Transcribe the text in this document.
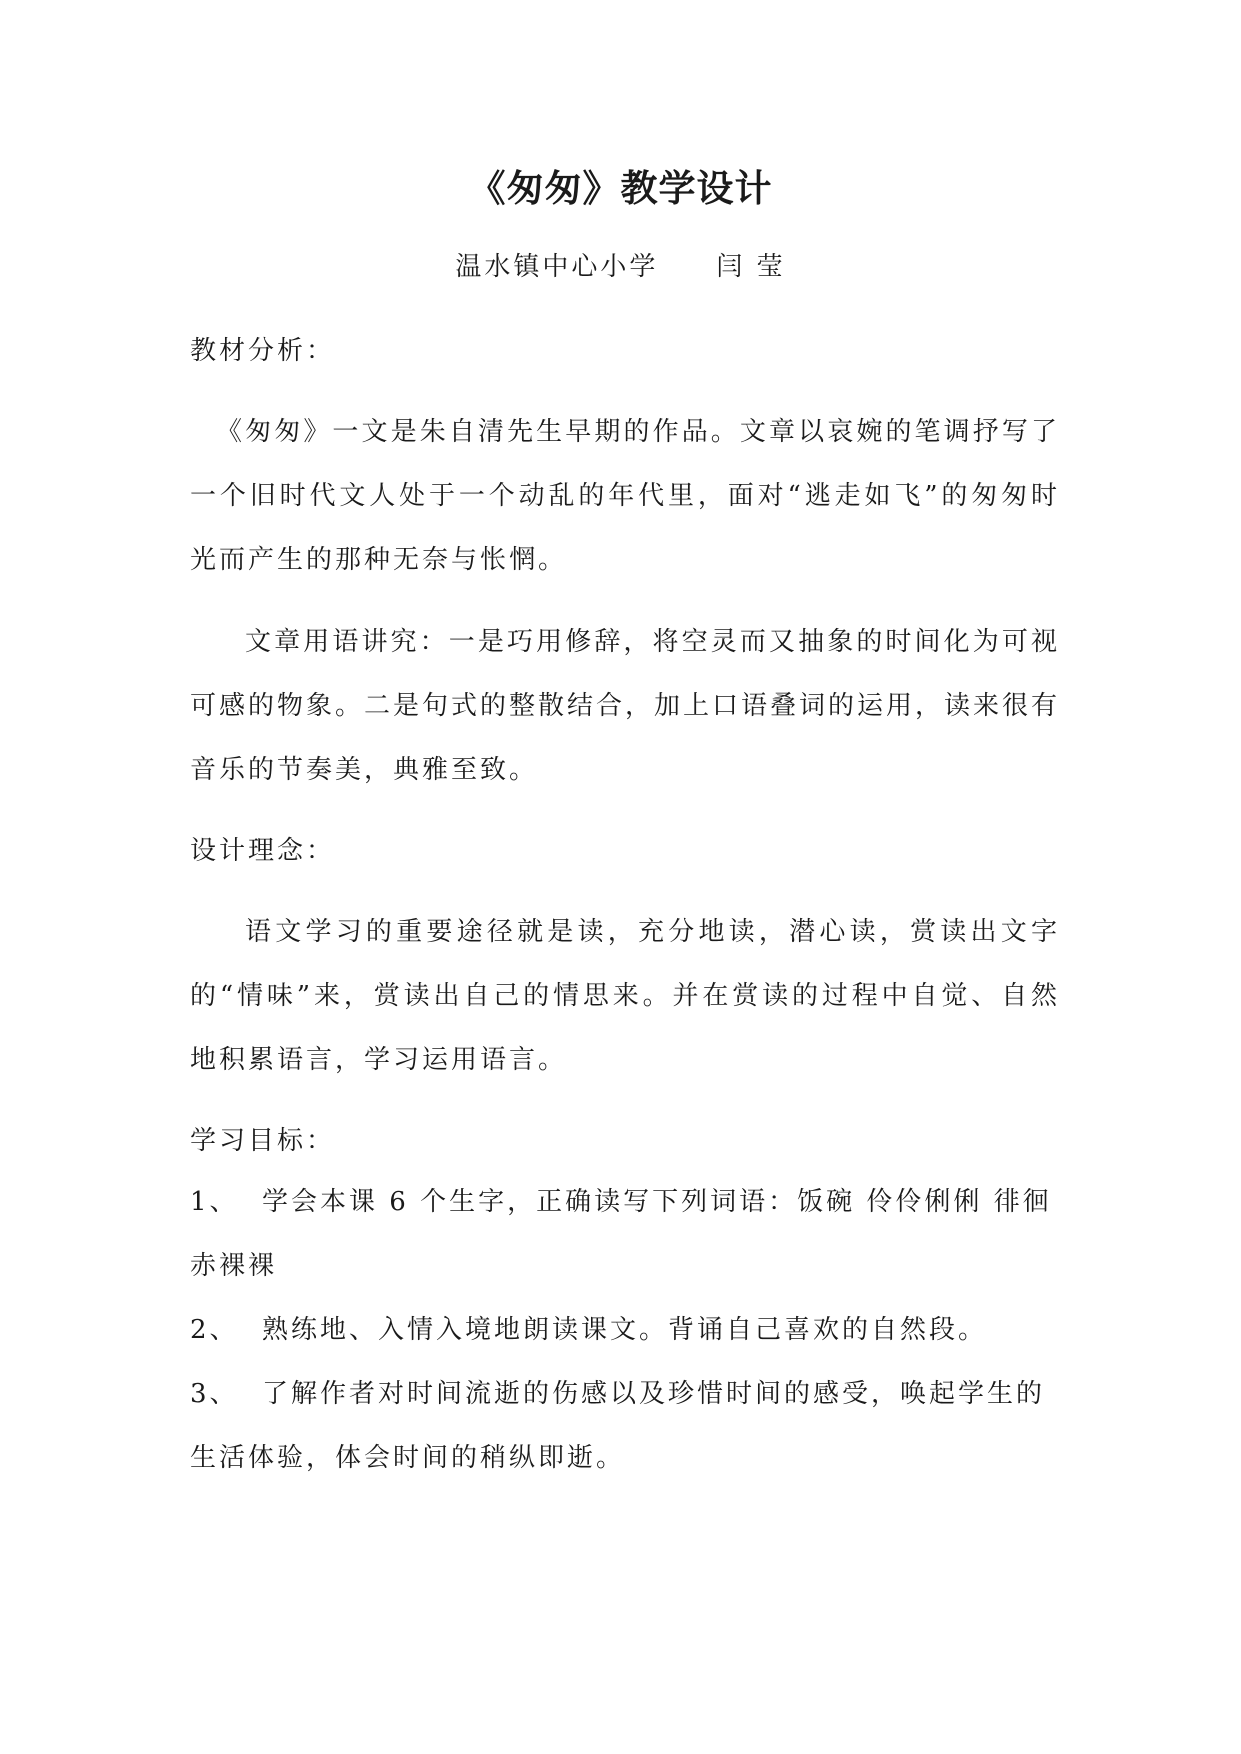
《匆匆》教学设计
温水镇中心小学 闫 莹

教材分析：

《匆匆》一文是朱自清先生早期的作品。文章以哀婉的笔调抒写了一个旧时代文人处于一个动乱的年代里，面对“逃走如飞”的匆匆时光而产生的那种无奈与怅惘。

文章用语讲究：一是巧用修辞，将空灵而又抽象的时间化为可视可感的物象。二是句式的整散结合，加上口语叠词的运用，读来很有音乐的节奏美，典雅至致。

设计理念：

语文学习的重要途径就是读，充分地读，潜心读，赏读出文字的“情味”来，赏读出自己的情思来。并在赏读的过程中自觉、自然地积累语言，学习运用语言。

学习目标：

1、 学会本课 6 个生字，正确读写下列词语：饭碗 伶伶俐俐 徘徊 赤裸裸

2、 熟练地、入情入境地朗读课文。背诵自己喜欢的自然段。

3、 了解作者对时间流逝的伤感以及珍惜时间的感受，唤起学生的生活体验，体会时间的稍纵即逝。
